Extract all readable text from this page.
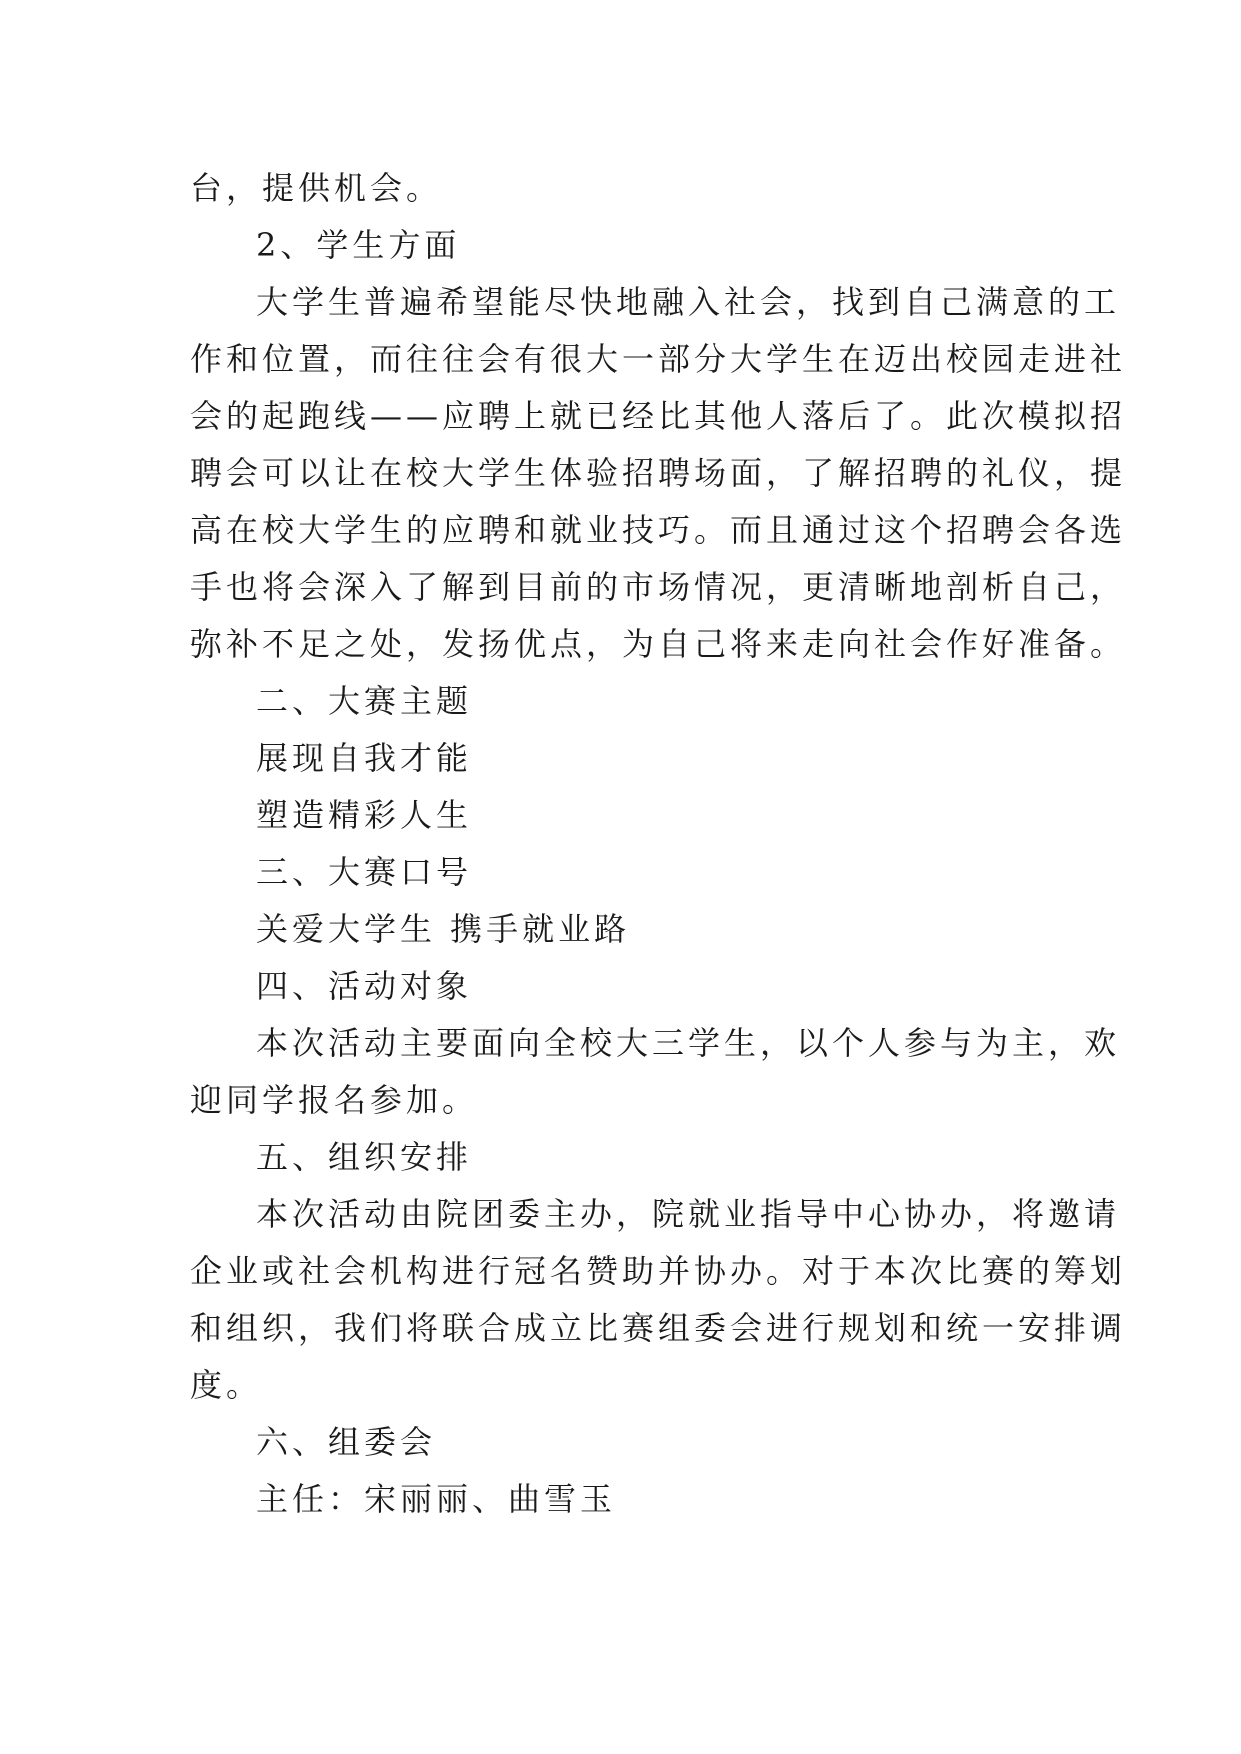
台，提供机会。
2、学生方面
大学生普遍希望能尽快地融入社会，找到自己满意的工
作和位置，而往往会有很大一部分大学生在迈出校园走进社
会的起跑线——应聘上就已经比其他人落后了。此次模拟招
聘会可以让在校大学生体验招聘场面，了解招聘的礼仪，提
高在校大学生的应聘和就业技巧。而且通过这个招聘会各选
手也将会深入了解到目前的市场情况，更清晰地剖析自己，
弥补不足之处，发扬优点，为自己将来走向社会作好准备。
二、大赛主题
展现自我才能
塑造精彩人生
三、大赛口号
关爱大学生 携手就业路
四、活动对象
本次活动主要面向全校大三学生，以个人参与为主，欢
迎同学报名参加。
五、组织安排
本次活动由院团委主办，院就业指导中心协办，将邀请
企业或社会机构进行冠名赞助并协办。对于本次比赛的筹划
和组织，我们将联合成立比赛组委会进行规划和统一安排调
度。
六、组委会
主任：宋丽丽、曲雪玉
